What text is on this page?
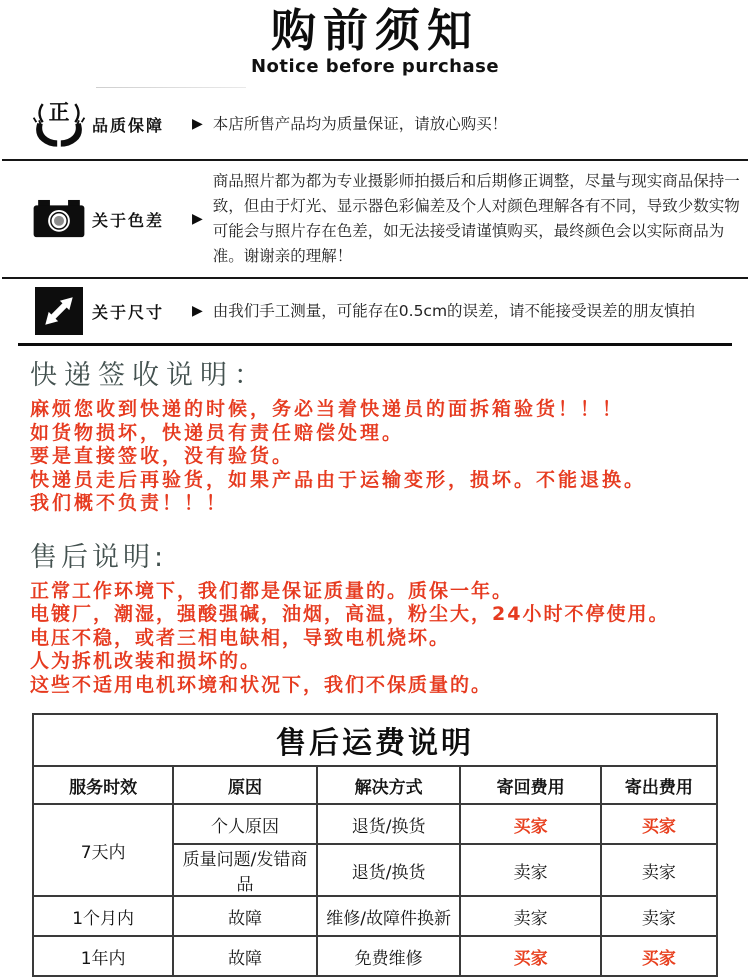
购前须知
Notice before purchase
正
品质保障	▶ 本店所售产品均为质量保证，请放心购买！
关于色差	▶
商品照片都为都为专业摄影师拍摄后和后期修正调整，尽量与现实商品保持一致，但由于灯光、显示器色彩偏差及个人对颜色理解各有不同，导致少数实物 可能会与照片存在色差，如无法接受请谨慎购买，最终颜色会以实际商品为准。谢谢亲的理解！
关于尺寸	▶ 由我们手工测量，可能存在0.5cm的误差，请不能接受误差的朋友慎拍
快递签收说明：
麻烦您收到快递的时候，务必当着快递员的面拆箱验货！！！
如货物损坏，快递员有责任赔偿处理。
要是直接签收，没有验货。
快递员走后再验货，如果产品由于运输变形，损坏。不能退换。
我们概不负责！！！
售后说明:
正常工作环境下，我们都是保证质量的。质保一年。
电镀厂，潮湿，强酸强碱，油烟，高温，粉尘大，24小时不停使用。
电压不稳，或者三相电缺相，导致电机烧坏。
人为拆机改装和损坏的。
这些不适用电机环境和状况下，我们不保质量的。
售后运费说明				
服务时效	原因	解决方式	寄回费用	寄出费用
7天内	个人原因	退货/换货	买家	买家
	质量问题/发错商品	退货/换货	卖家	卖家
1个月内	故障	维修/故障件换新	卖家	卖家
1年内	故障	免费维修	买家	买家
